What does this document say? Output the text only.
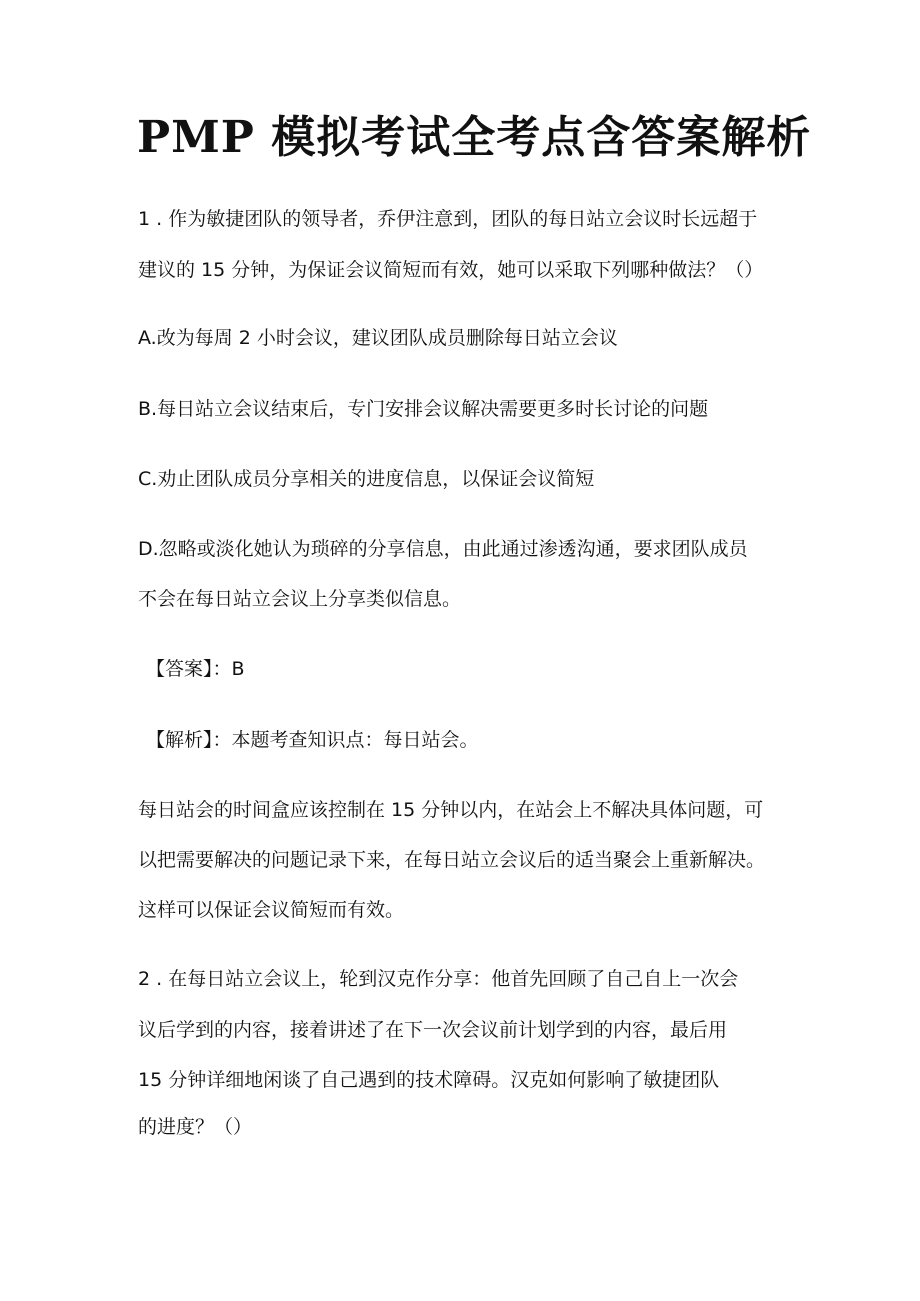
PMP 模拟考试全考点含答案解析
1 . 作为敏捷团队的领导者，乔伊注意到，团队的每日站立会议时长远超于
建议的 15 分钟，为保证会议简短而有效，她可以采取下列哪种做法？（）
A.改为每周 2 小时会议，建议团队成员删除每日站立会议
B.每日站立会议结束后，专门安排会议解决需要更多时长讨论的问题
C.劝止团队成员分享相关的进度信息，以保证会议简短
D.忽略或淡化她认为琐碎的分享信息，由此通过渗透沟通，要求团队成员
不会在每日站立会议上分享类似信息。
【答案】：B
【解析】：本题考查知识点：每日站会。
每日站会的时间盒应该控制在 15 分钟以内，在站会上不解决具体问题，可
以把需要解决的问题记录下来，在每日站立会议后的适当聚会上重新解决。
这样可以保证会议简短而有效。
2 . 在每日站立会议上，轮到汉克作分享：他首先回顾了自己自上一次会
议后学到的内容，接着讲述了在下一次会议前计划学到的内容，最后用
15 分钟详细地闲谈了自己遇到的技术障碍。汉克如何影响了敏捷团队
的进度？（）
